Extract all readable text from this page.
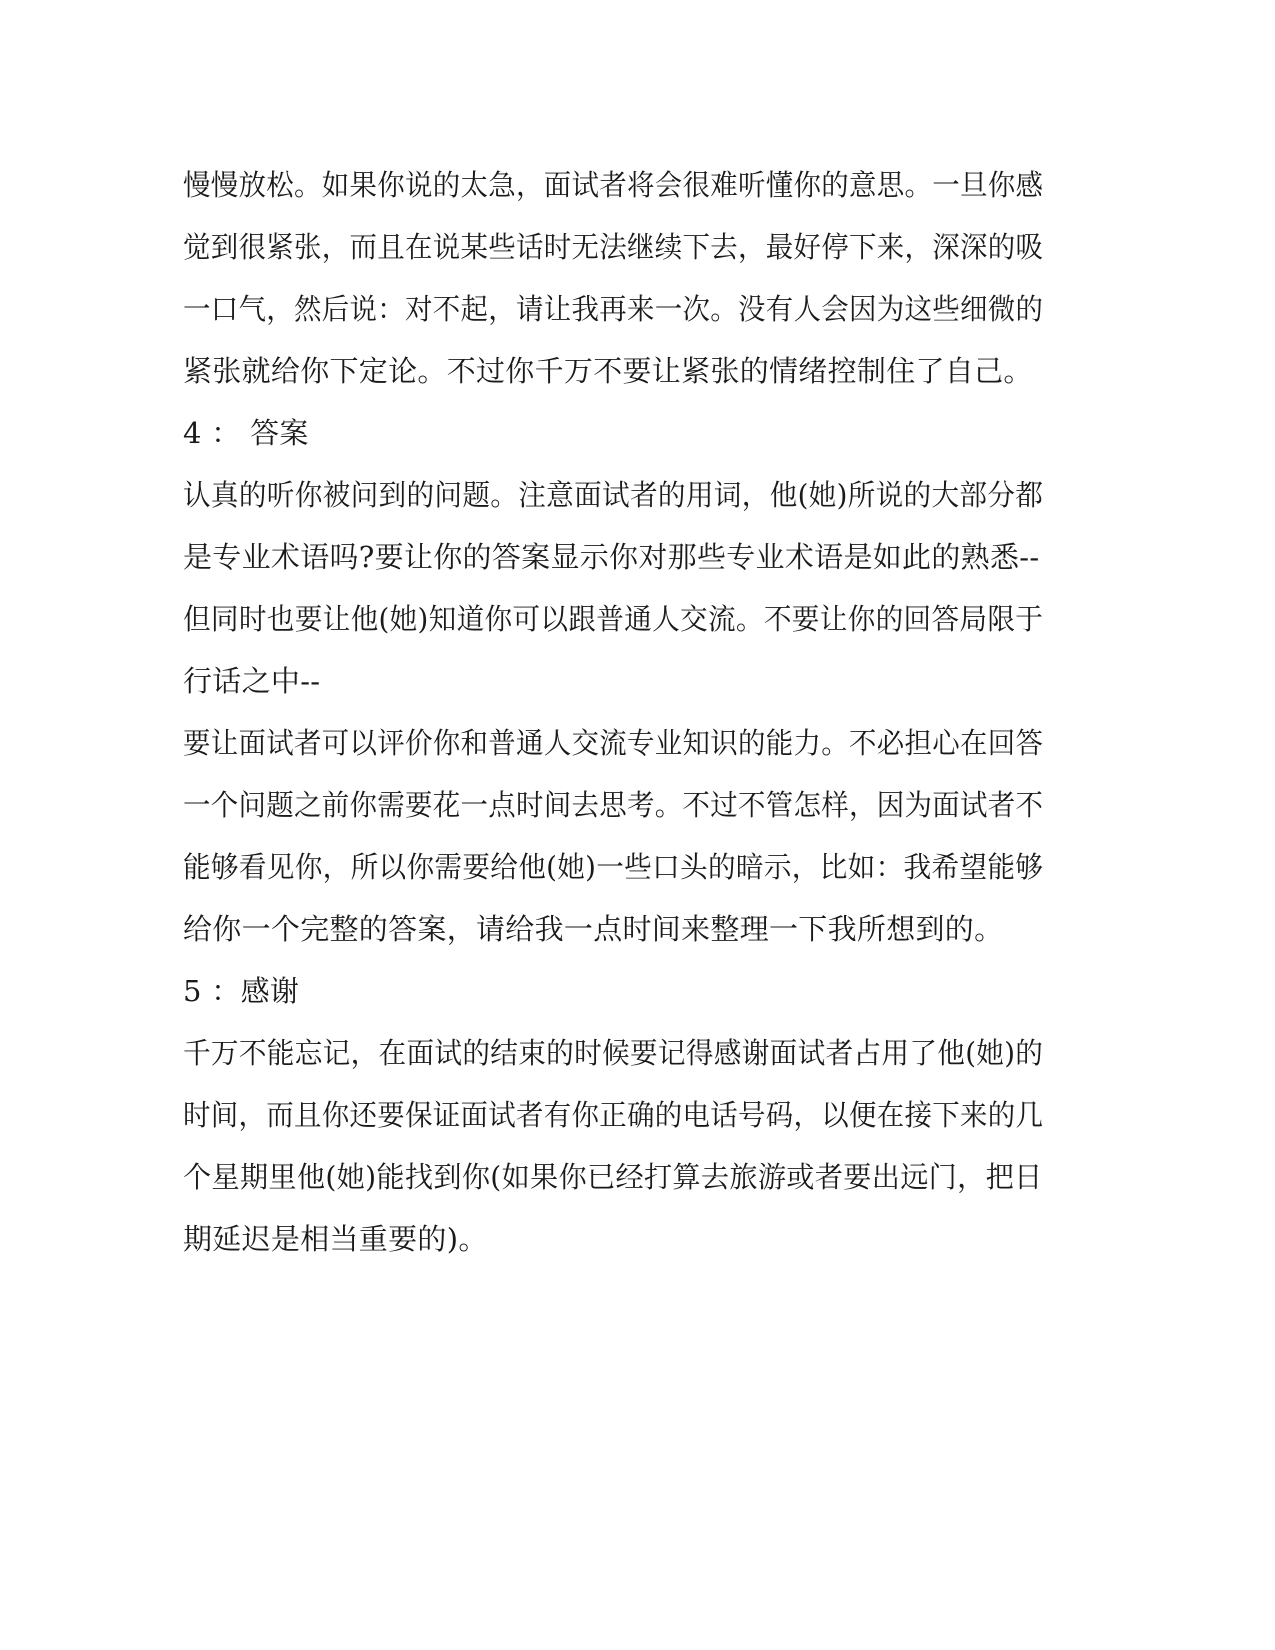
慢慢放松。如果你说的太急，面试者将会很难听懂你的意思。一旦你感
觉到很紧张，而且在说某些话时无法继续下去，最好停下来，深深的吸
一口气，然后说：对不起，请让我再来一次。没有人会因为这些细微的
紧张就给你下定论。不过你千万不要让紧张的情绪控制住了自己。
4 ： 答案
认真的听你被问到的问题。注意面试者的用词，他(她)所说的大部分都
是专业术语吗?要让你的答案显示你对那些专业术语是如此的熟悉--
但同时也要让他(她)知道你可以跟普通人交流。不要让你的回答局限于
行话之中--
要让面试者可以评价你和普通人交流专业知识的能力。不必担心在回答
一个问题之前你需要花一点时间去思考。不过不管怎样，因为面试者不
能够看见你，所以你需要给他(她)一些口头的暗示，比如：我希望能够
给你一个完整的答案，请给我一点时间来整理一下我所想到的。
5 ：感谢
千万不能忘记，在面试的结束的时候要记得感谢面试者占用了他(她)的
时间，而且你还要保证面试者有你正确的电话号码，以便在接下来的几
个星期里他(她)能找到你(如果你已经打算去旅游或者要出远门，把日
期延迟是相当重要的)。
